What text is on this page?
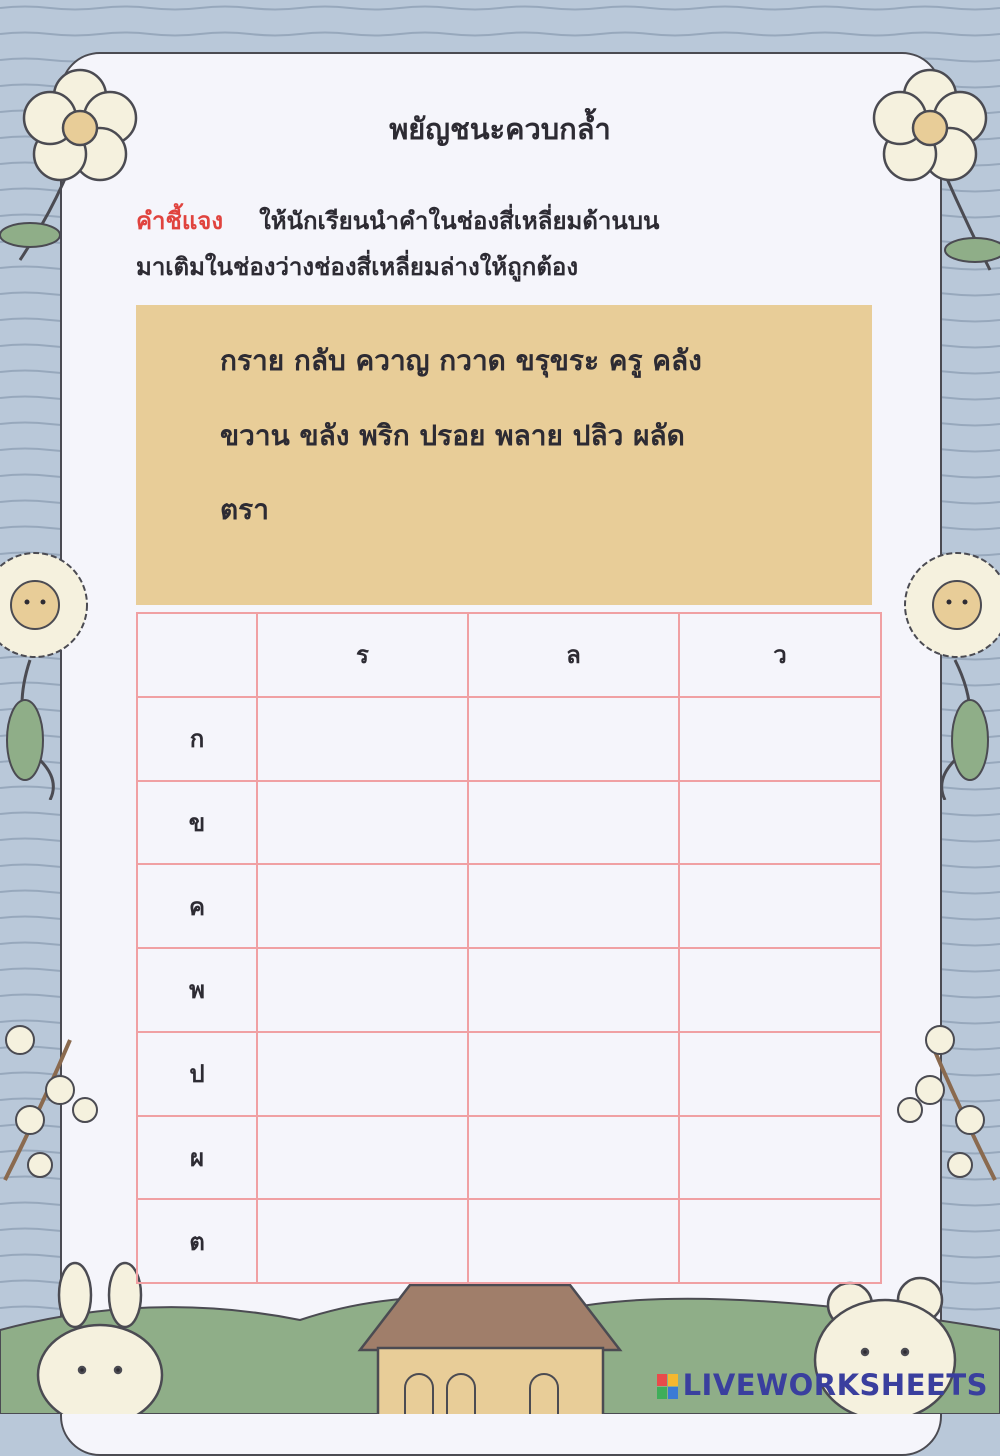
พยัญชนะควบกล้ำ
คำชี้แจง ให้นักเรียนนำคำในช่องสี่เหลี่ยมด้านบน
มาเติมในช่องว่างช่องสี่เหลี่ยมล่างให้ถูกต้อง
กราย กลับ ควาญ กวาด ขรุขระ ครู คลัง
ขวาน ขลัง พริก ปรอย พลาย ปลิว ผลัด
ตรา
	ร	ล	ว
ก			
ข			
ค			
พ			
ป			
ผ			
ต			
LIVEWORKSHEETS
